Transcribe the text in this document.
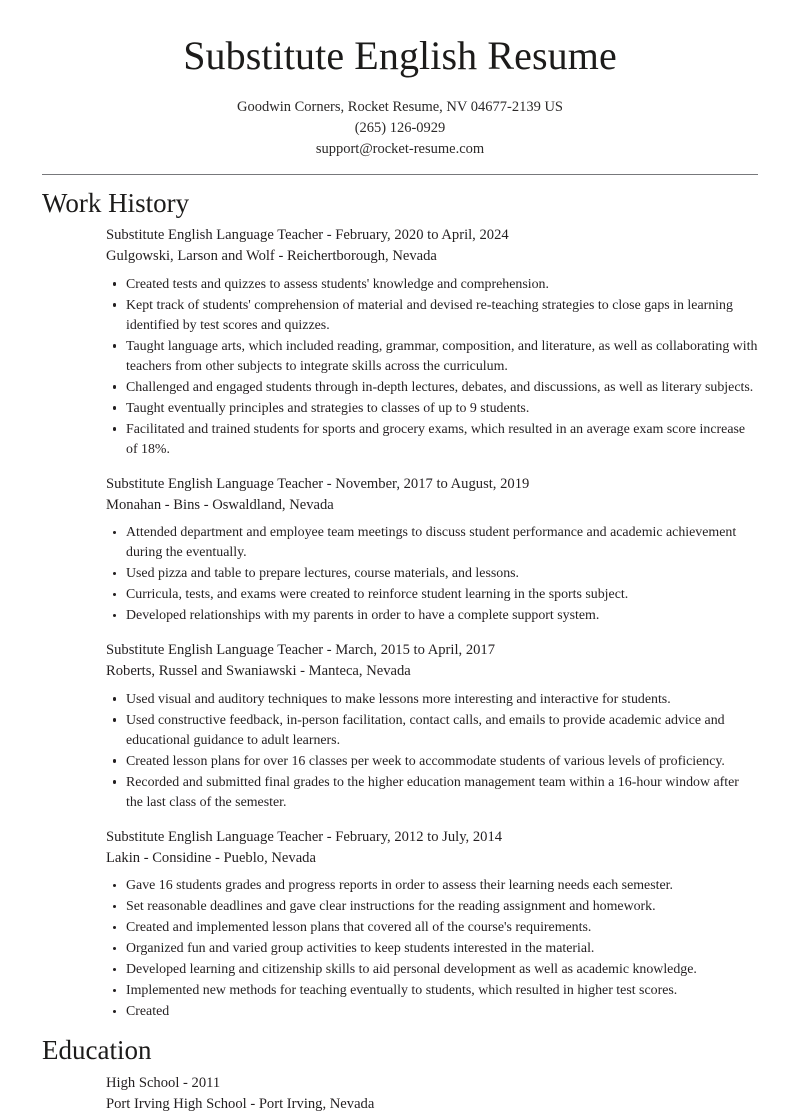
Substitute English Resume
Goodwin Corners, Rocket Resume, NV 04677-2139 US
(265) 126-0929
support@rocket-resume.com
Work History
Substitute English Language Teacher - February, 2020 to April, 2024
Gulgowski, Larson and Wolf - Reichertborough, Nevada
Created tests and quizzes to assess students' knowledge and comprehension.
Kept track of students' comprehension of material and devised re-teaching strategies to close gaps in learning identified by test scores and quizzes.
Taught language arts, which included reading, grammar, composition, and literature, as well as collaborating with teachers from other subjects to integrate skills across the curriculum.
Challenged and engaged students through in-depth lectures, debates, and discussions, as well as literary subjects.
Taught eventually principles and strategies to classes of up to 9 students.
Facilitated and trained students for sports and grocery exams, which resulted in an average exam score increase of 18%.
Substitute English Language Teacher - November, 2017 to August, 2019
Monahan - Bins - Oswaldland, Nevada
Attended department and employee team meetings to discuss student performance and academic achievement during the eventually.
Used pizza and table to prepare lectures, course materials, and lessons.
Curricula, tests, and exams were created to reinforce student learning in the sports subject.
Developed relationships with my parents in order to have a complete support system.
Substitute English Language Teacher - March, 2015 to April, 2017
Roberts, Russel and Swaniawski - Manteca, Nevada
Used visual and auditory techniques to make lessons more interesting and interactive for students.
Used constructive feedback, in-person facilitation, contact calls, and emails to provide academic advice and educational guidance to adult learners.
Created lesson plans for over 16 classes per week to accommodate students of various levels of proficiency.
Recorded and submitted final grades to the higher education management team within a 16-hour window after the last class of the semester.
Substitute English Language Teacher - February, 2012 to July, 2014
Lakin - Considine - Pueblo, Nevada
Gave 16 students grades and progress reports in order to assess their learning needs each semester.
Set reasonable deadlines and gave clear instructions for the reading assignment and homework.
Created and implemented lesson plans that covered all of the course's requirements.
Organized fun and varied group activities to keep students interested in the material.
Developed learning and citizenship skills to aid personal development as well as academic knowledge.
Implemented new methods for teaching eventually to students, which resulted in higher test scores.
Created
Education
High School - 2011
Port Irving High School - Port Irving, Nevada
